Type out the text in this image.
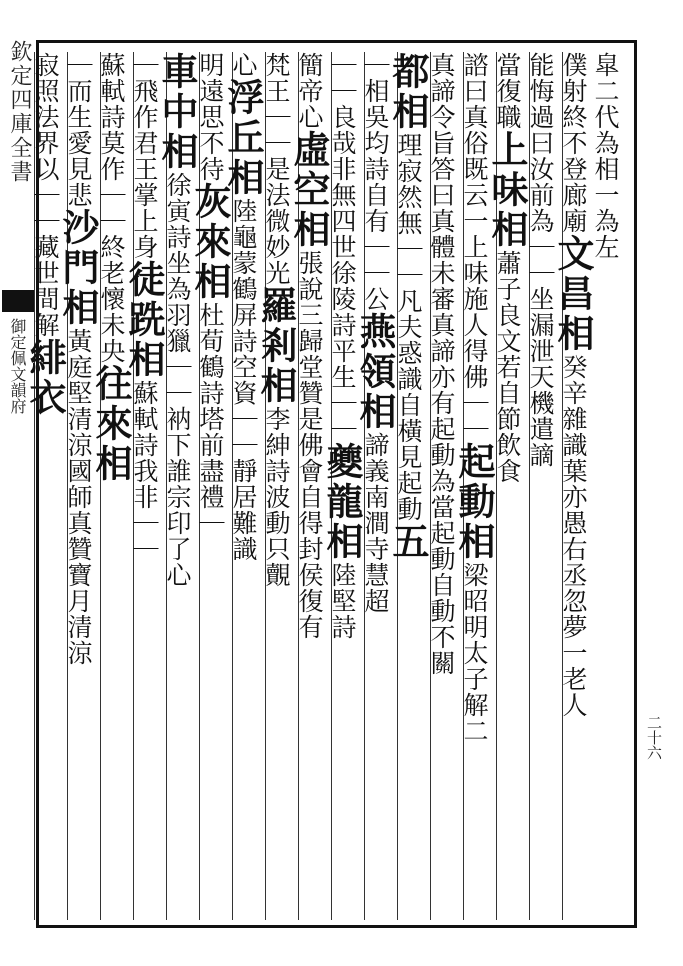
欽定四庫全書
御定佩文韻府
皐二代為相一為左
僕射終不登廊廟文昌相癸辛雜識葉亦愚右丞忽夢一老人
能悔過曰汝前為｜｜坐漏泄天機遣謫
當復職上味相蕭子良文若自節飲食
諮曰真俗既云一上味施人得佛｜｜起動相梁昭明太子解二
真諦令旨答曰真體未審真諦亦有起動為當起動自動不關
都相理寂然無｜｜凡夫惑識自橫見起動五
｜相吳均詩自有｜｜公燕領相諦義南澗寺慧超
｜｜良哉非無四世徐陵詩平生｜｜夔龍相陸堅詩
簡帝心虛空相張說三歸堂贊是佛會自得封侯復有
梵王｜｜是法微妙光羅剎相李紳詩波動只覿
心浮丘相陸龜蒙鶴屏詩空資｜｜靜居難識
明遠思不待灰來相杜荀鶴詩塔前盡禮｜
車中相徐寅詩坐為羽獵｜｜衲下誰宗印了心
｜飛作君王掌上身徒跣相蘇軾詩我非｜｜
蘇軾詩莫作｜｜終老懷未央往來相
｜而生愛見悲沙門相黃庭堅清涼國師真贊寶月清涼
寂照法界以｜｜藏世間解緋衣
二十六
